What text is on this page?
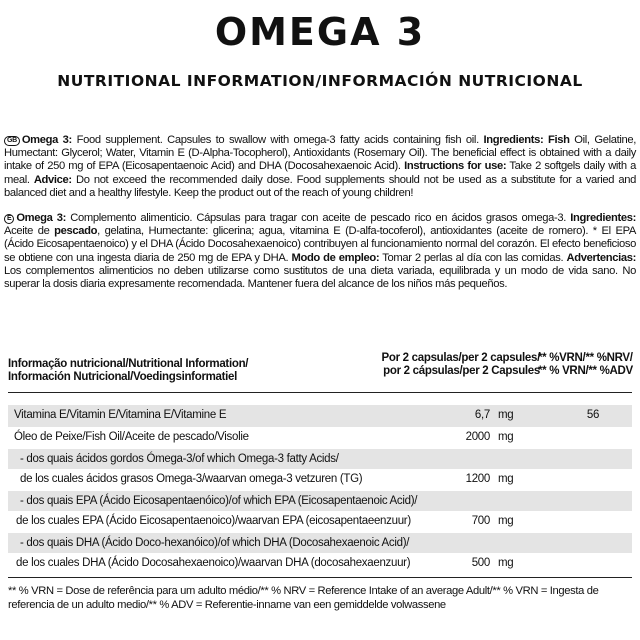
OMEGA 3
NUTRITIONAL INFORMATION/INFORMACIÓN NUTRICIONAL
GB Omega 3: Food supplement. Capsules to swallow with omega-3 fatty acids containing fish oil. Ingredients: Fish Oil, Gelatine, Humectant: Glycerol; Water, Vitamin E (D-Alpha-Tocopherol), Antioxidants (Rosemary Oil). The beneficial effect is obtained with a daily intake of 250 mg of EPA (Eicosapentaenoic Acid) and DHA (Docosahexaenoic Acid). Instructions for use: Take 2 softgels daily with a meal. Advice: Do not exceed the recommended daily dose. Food supplements should not be used as a substitute for a varied and balanced diet and a healthy lifestyle. Keep the product out of the reach of young children!
E Omega 3: Complemento alimenticio. Cápsulas para tragar con aceite de pescado rico en ácidos grasos omega-3. Ingredientes: Aceite de pescado, gelatina, Humectante: glicerina; agua, vitamina E (D-alfa-tocoferol), antioxidantes (aceite de romero). * El EPA (Ácido Eicosapentaenoico) y el DHA (Ácido Docosahexaenoico) contribuyen al funcionamiento normal del corazón. El efecto beneficioso se obtiene con una ingesta diaria de 250 mg de EPA y DHA. Modo de empleo: Tomar 2 perlas al día con las comidas. Advertencias: Los complementos alimenticios no deben utilizarse como sustitutos de una dieta variada, equilibrada y un modo de vida sano. No superar la dosis diaria expresamente recomendada. Mantener fuera del alcance de los niños más pequeños.
Informação nutricional/Nutritional Information/
Información Nutricional/Voedingsinformatiel
Por 2 capsulas/per 2 capsules/
por 2 cápsulas/per 2 Capsules
** %VRN/** %NRV/
** % VRN/** %ADV
Vitamina E/Vitamin E/Vitamina E/Vitamine E	6,7 mg	56
Óleo de Peixe/Fish Oil/Aceite de pescado/Visolie	2000 mg
- dos quais ácidos gordos Ómega-3/of which Omega-3 fatty Acids/
de los cuales ácidos grasos Omega-3/waarvan omega-3 vetzuren (TG)	1200 mg
- dos quais EPA (Ácido Eicosapentaenóico)/of which EPA (Eicosapentaenoic Acid)/
de los cuales EPA (Ácido Eicosapentaenoico)/waarvan EPA (eicosapentaeenzuur)	700 mg
- dos quais DHA (Ácido Doco-hexanóico)/of which DHA (Docosahexaenoic Acid)/
de los cuales DHA (Ácido Docosahexaenoico)/waarvan DHA (docosahexaenzuur)	500 mg
** % VRN = Dose de referência para um adulto médio/** % NRV = Reference Intake of an average Adult/** % VRN = Ingesta de referencia de un adulto medio/** % ADV = Referentie-inname van een gemiddelde volwassene
